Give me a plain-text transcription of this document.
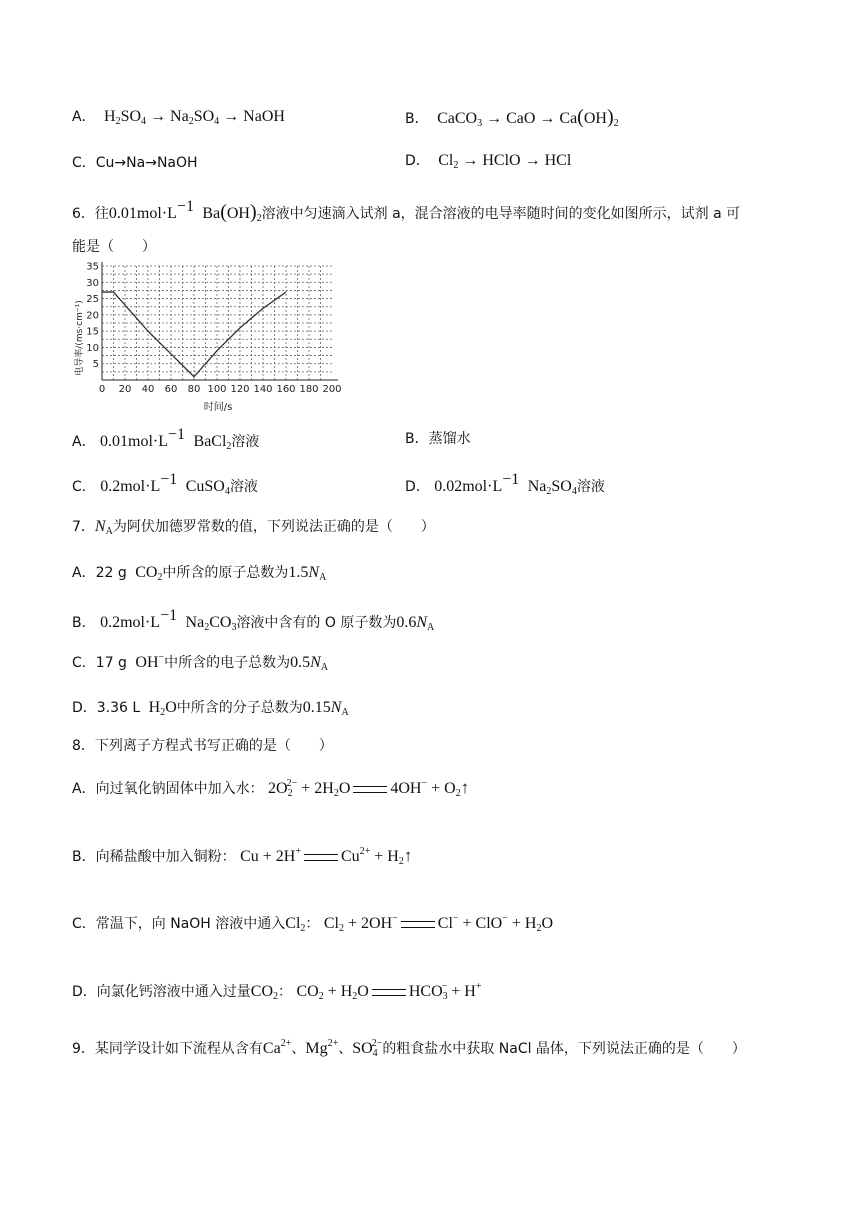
A．  $H_2SO_4 \to Na_2SO_4$ → NaOH	B．  CaCO$_3$ → CaO → $Ca(OH)_2$
C．Cu→Na→NaOH	D．  $Cl_2$ → HClO → HCl
6．往$0.01mol\cdot L^{-1}$  $Ba(OH)_2$溶液中匀速滴入试剂 a，混合溶液的电导率随时间的变化如图所示，试剂 a 可
能是（　　）
0 20 40 60 80 100 120 140 160 180 200
5
10
15
20
25
30
35
电导率/(ms·cm⁻¹)
时间/s
A． $0.01mol\cdot L^{-1}$  BaCl$_2$溶液	B．蒸馏水
C． $0.2mol\cdot L^{-1}$  CuSO$_4$溶液	D． $0.02mol\cdot L^{-1}$  $Na_2SO_4$溶液
7．$N_A$为阿伏加德罗常数的值，下列说法正确的是（　　）
A．22 g  $CO_2$中所含的原子总数为$1.5N_A$
B． $0.2mol\cdot L^{-1}$  $Na_2CO_3$溶液中含有的 O 原子数为$0.6N_A$
C．17 g  OH−中所含的电子总数为$0.5N_A$
D．3.36 L  $H_2O$中所含的分子总数为$0.15N_A$
8．下列离子方程式书写正确的是（　　）
A．向过氧化钠固体中加入水： $2O_2^{2-} + 2H_2O$	$4OH^- + O_2↑$
B．向稀盐酸中加入铜粉： Cu + 2H+	$Cu^{2+}$ + $H_2↑$
C．常温下，向 NaOH 溶液中通入$Cl_2$： $Cl_2 + 2OH^-$	$Cl^- + ClO^- + H_2O$
D．向氯化钙溶液中通入过量$CO_2$： $CO_2 + H_2O$	$HCO_3^- + H^+$
9．某同学设计如下流程从含有$Ca^{2+}$、$Mg^{2+}$、$SO_4^{2-}$的粗食盐水中获取 NaCl 晶体，下列说法正确的是（　　）
